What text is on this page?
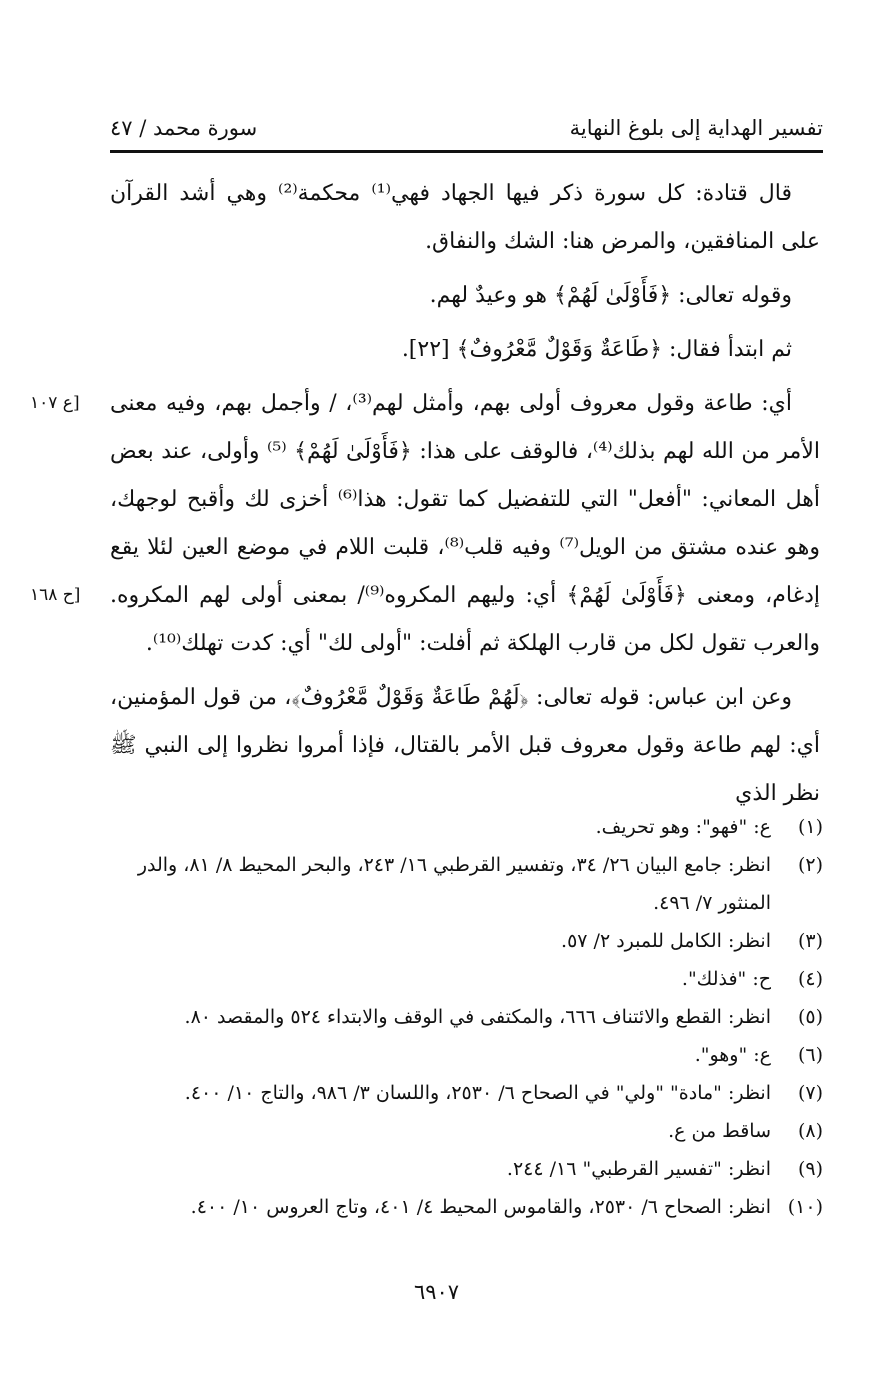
تفسير الهداية إلى بلوغ النهاية
سورة محمد / ٤٧

قال قتادة: كل سورة ذكر فيها الجهاد فهي⁽¹⁾ محكمة⁽²⁾ وهي أشد القرآن على المنافقين، والمرض هنا: الشك والنفاق.

وقوله تعالى: ﴿فَأَوْلَىٰ لَهُمْ﴾ هو وعيدٌ لهم.

ثم ابتدأ فقال: ﴿طَاعَةٌ وَقَوْلٌ مَّعْرُوفٌ﴾ [٢٢].

أي: طاعة وقول معروف أولى بهم، وأمثل لهم⁽³⁾، / وأجمل بهم، وفيه معنى الأمر من الله لهم بذلك⁽⁴⁾، فالوقف على هذا: ﴿فَأَوْلَىٰ لَهُمْ﴾ ⁽⁵⁾ وأولى، عند بعض أهل المعاني: "أفعل" التي للتفضيل كما تقول: هذا⁽⁶⁾ أخزى لك وأقبح لوجهك، وهو عنده مشتق من الويل⁽⁷⁾ وفيه قلب⁽⁸⁾، قلبت اللام في موضع العين لئلا يقع إدغام، ومعنى ﴿فَأَوْلَىٰ لَهُمْ﴾ أي: وليهم المكروه⁽⁹⁾/ بمعنى أولى لهم المكروه. والعرب تقول لكل من قارب الهلكة ثم أفلت: "أولى لك" أي: كدت تهلك⁽¹⁰⁾.

وعن ابن عباس: قوله تعالى: ﴿لَهُمْ طَاعَةٌ وَقَوْلٌ مَّعْرُوفٌ﴾، من قول المؤمنين، أي: لهم طاعة وقول معروف قبل الأمر بالقتال، فإذا أمروا نظروا إلى النبي ﷺ نظر الذي

[ع ١٠٧
[ح ١٦٨
(١)
ع: "فهو": وهو تحريف.
(٢)
انظر: جامع البيان ٢٦/ ٣٤، وتفسير القرطبي ١٦/ ٢٤٣، والبحر المحيط ٨/ ٨١، والدر المنثور ٧/ ٤٩٦.
(٣)
انظر: الكامل للمبرد ٢/ ٥٧.
(٤)
ح: "فذلك".
(٥)
انظر: القطع والائتناف ٦٦٦، والمكتفى في الوقف والابتداء ٥٢٤ والمقصد ٨٠.
(٦)
ع: "وهو".
(٧)
انظر: "مادة" "ولي" في الصحاح ٦/ ٢٥٣٠، واللسان ٣/ ٩٨٦، والتاج ١٠/ ٤٠٠.
(٨)
ساقط من ع.
(٩)
انظر: "تفسير القرطبي" ١٦/ ٢٤٤.
(١٠)
انظر: الصحاح ٦/ ٢٥٣٠، والقاموس المحيط ٤/ ٤٠١، وتاج العروس ١٠/ ٤٠٠.
٦٩٠٧
